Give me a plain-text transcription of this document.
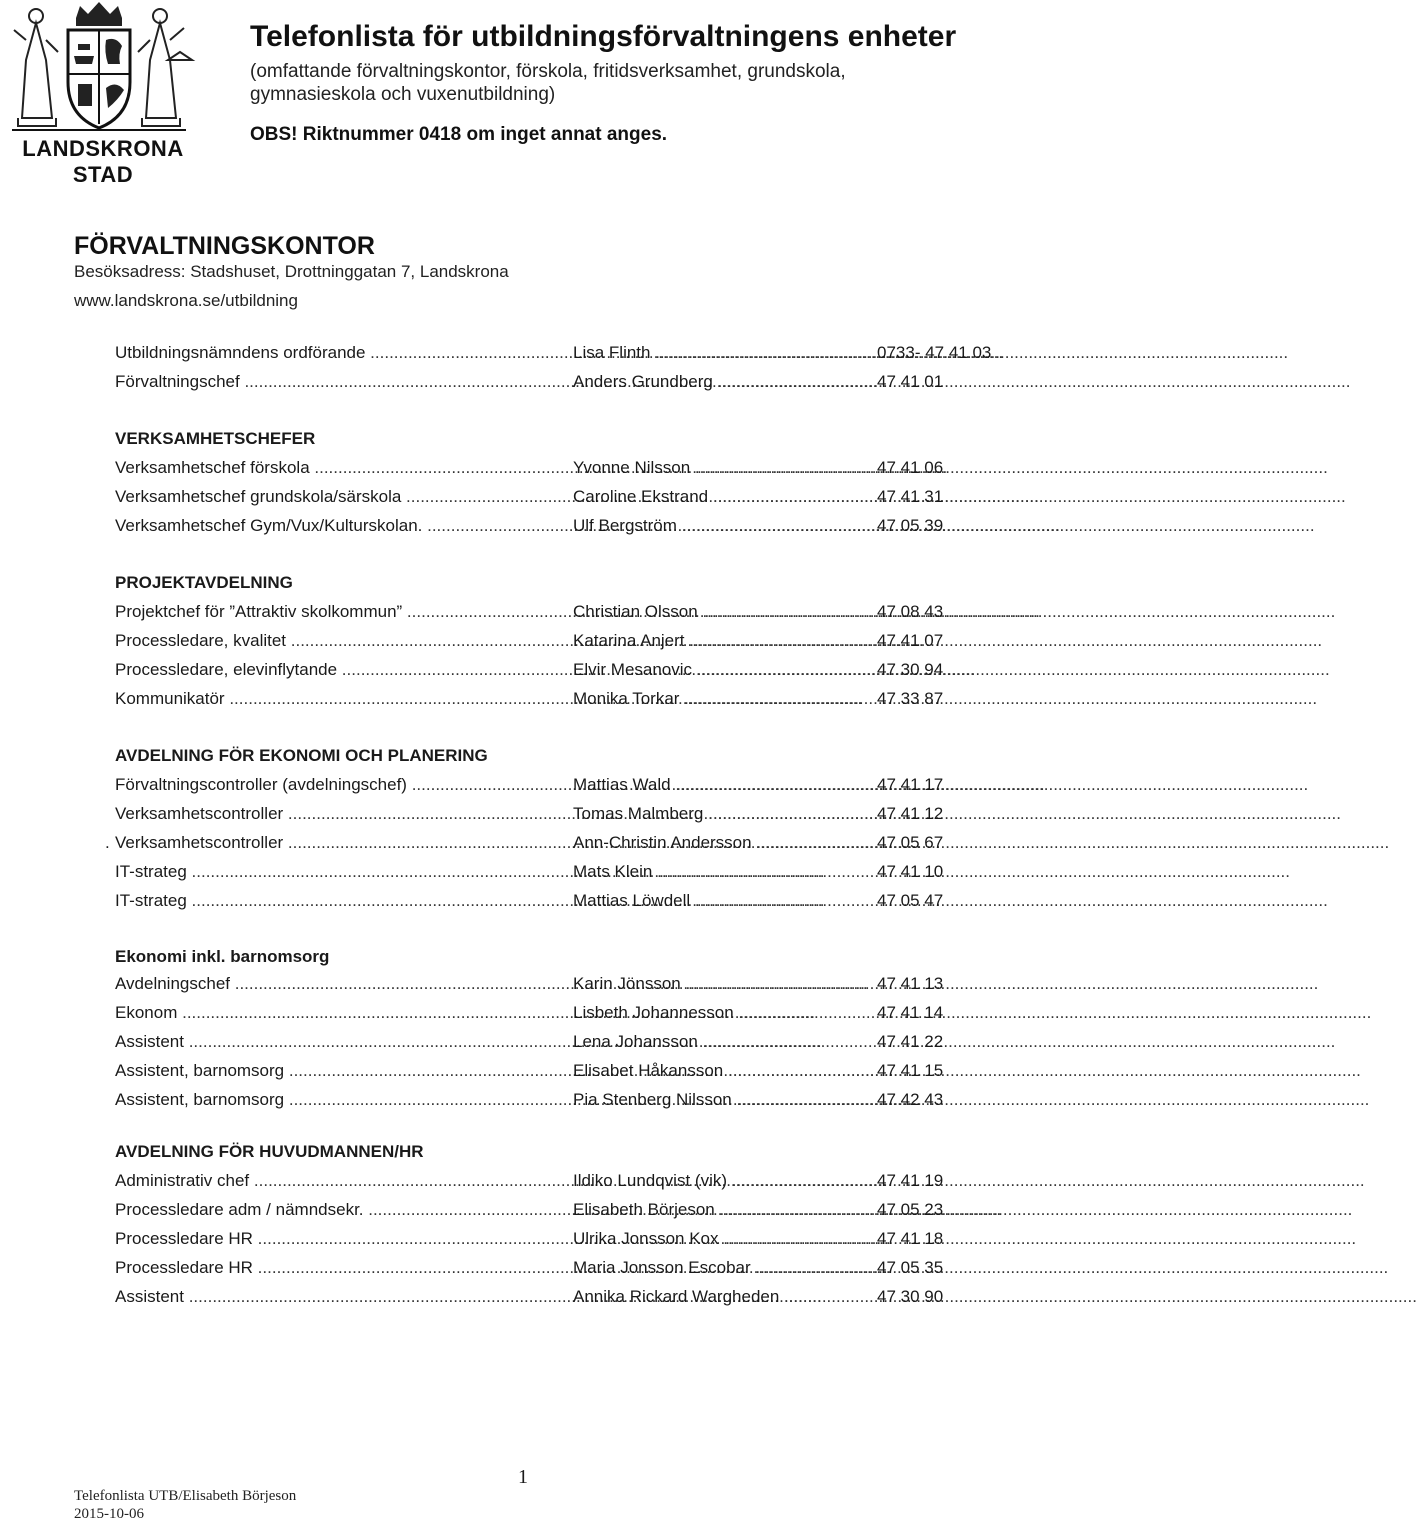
LANDSKRONA STAD
Telefonlista för utbildningsförvaltningens enheter
(omfattande förvaltningskontor, förskola, fritidsverksamhet, grundskola, gymnasieskola och vuxenutbildning)
OBS! Riktnummer 0418 om inget annat anges.
FÖRVALTNINGSKONTOR
Besöksadress: Stadshuset, Drottninggatan 7, Landskrona
www.landskrona.se/utbildning
Utbildningsnämndens ordförande .....	Lisa Flinth .....	0733- 47 41 03
Förvaltningschef .....	Anders Grundberg .....	47 41 01
VERKSAMHETSCHEFER
Verksamhetschef förskola .....	Yvonne Nilsson .....	47 41 06
Verksamhetschef grundskola/särskola .....	Caroline Ekstrand .....	47 41 31
Verksamhetschef Gym/Vux/Kulturskolan. .....	Ulf Bergström .....	47 05 39
PROJEKTAVDELNING
Projektchef för ”Attraktiv skolkommun” .....	Christian Olsson .....	47 08 43
Processledare, kvalitet .....	Katarina Anjert .....	47 41 07
Processledare, elevinflytande .....	Elvir Mesanovic .....	47 30 94
Kommunikatör .....	Monika Torkar .....	47 33 87
AVDELNING FÖR EKONOMI OCH PLANERING
Förvaltningscontroller (avdelningschef) .....	Mattias Wald .....	47 41 17
Verksamhetscontroller .....	Tomas Malmberg .....	47 41 12
. Verksamhetscontroller .....	Ann-Christin Andersson .....	47 05 67
IT-strateg .....	Mats Klein .....	47 41 10
IT-strateg .....	Mattias Löwdell .....	47 05 47
Ekonomi inkl. barnomsorg
Avdelningschef .....	Karin Jönsson .....	47 41 13
Ekonom .....	Lisbeth Johannesson .....	47 41 14
Assistent .....	Lena Johansson .....	47 41 22
Assistent, barnomsorg .....	Elisabet Håkansson .....	47 41 15
Assistent, barnomsorg .....	Pia Stenberg Nilsson .....	47 42 43
AVDELNING FÖR HUVUDMANNEN/HR
Administrativ chef .....	Ildiko Lundqvist (vik) .....	47 41 19
Processledare adm / nämndsekr. .....	Elisabeth Börjeson .....	47 05 23
Processledare HR .....	Ulrika Jonsson Kox .....	47 41 18
Processledare HR .....	Maria Jonsson Escobar .....	47 05 35
Assistent .....	Annika Rickard Wargheden .....	47 30 90
1
Telefonlista UTB/Elisabeth Börjeson
2015-10-06
